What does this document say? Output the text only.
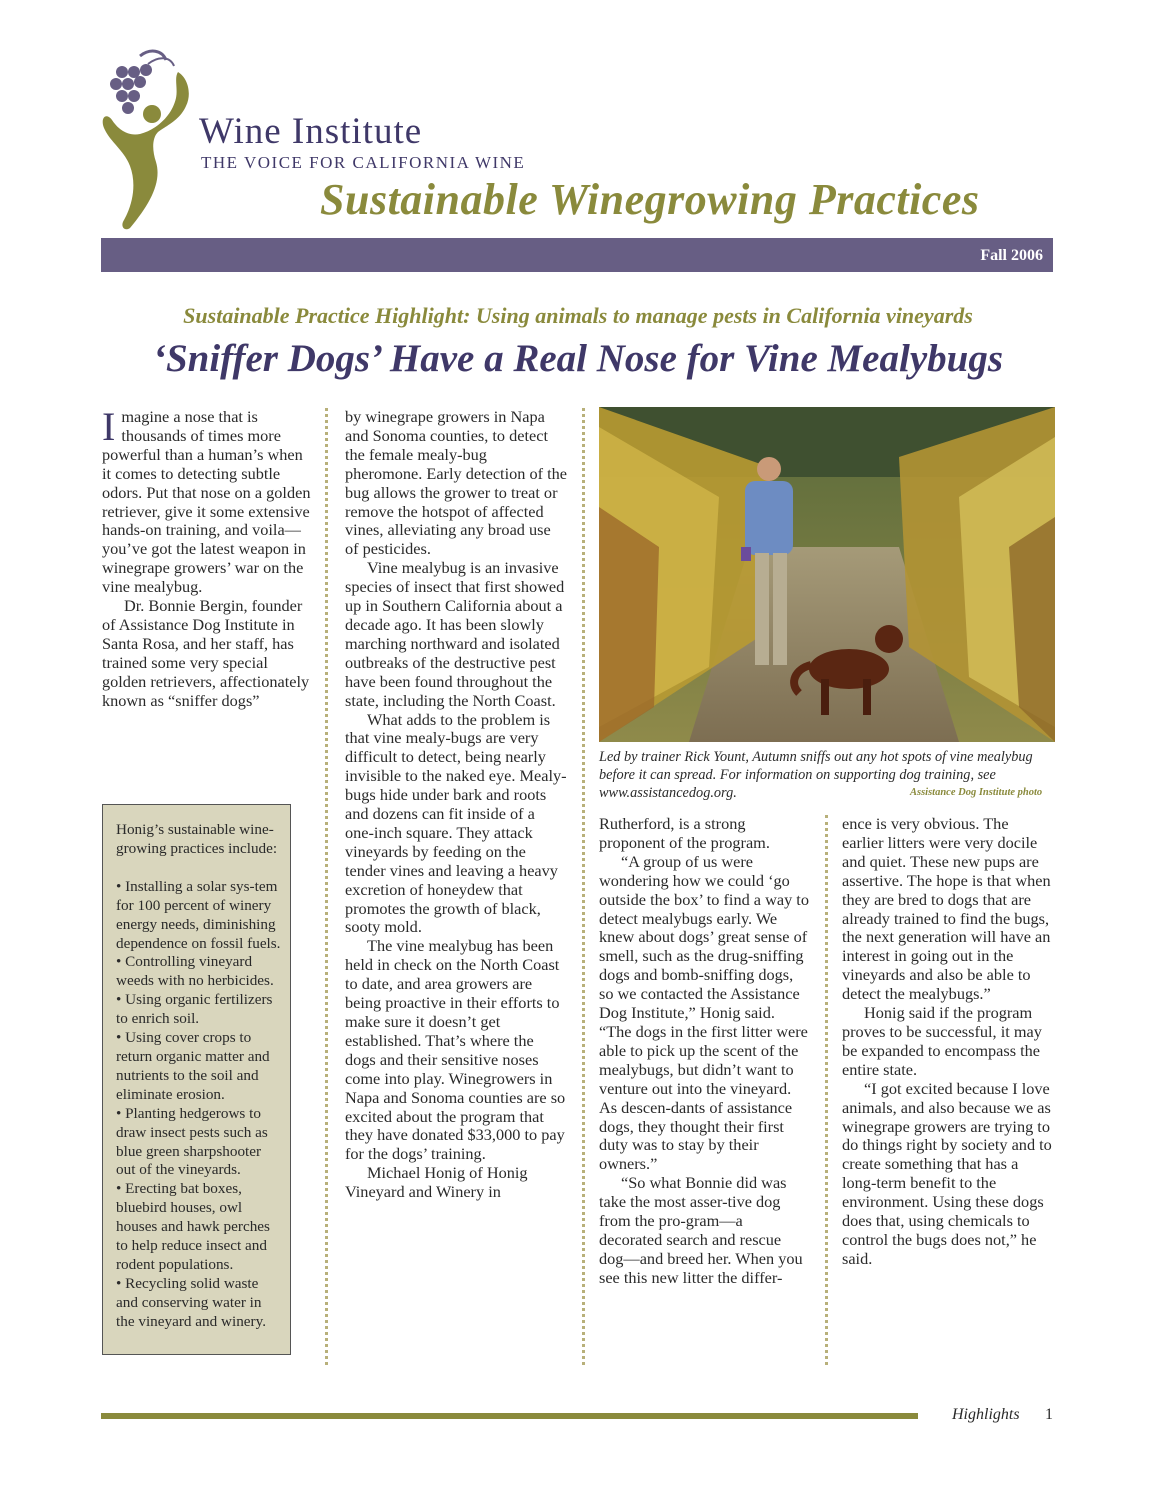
Wine Institute
THE VOICE FOR CALIFORNIA WINE
Sustainable Winegrowing Practices
Fall 2006
Sustainable Practice Highlight: Using animals to manage pests in California vineyards
‘Sniffer Dogs’ Have a Real Nose for Vine Mealybugs

Imagine a nose that is thousands of times more powerful than a human’s when it comes to detecting subtle odors. Put that nose on a golden retriever, give it some extensive hands-on training, and voila—you’ve got the latest weapon in winegrape growers’ war on the vine mealybug.

Dr. Bonnie Bergin, founder of Assistance Dog Institute in Santa Rosa, and her staff, has trained some very special golden retrievers, affectionately known as “sniffer dogs”

Honig’s sustainable wine-growing practices include:
• Installing a solar sys-tem for 100 percent of winery energy needs, diminishing dependence on fossil fuels.
• Controlling vineyard weeds with no herbicides.
• Using organic fertilizers to enrich soil.
• Using cover crops to return organic matter and nutrients to the soil and eliminate erosion.
• Planting hedgerows to draw insect pests such as blue green sharpshooter out of the vineyards.
• Erecting bat boxes, bluebird houses, owl houses and hawk perches to help reduce insect and rodent populations.
• Recycling solid waste and conserving water in the vineyard and winery.

by winegrape growers in Napa and Sonoma counties, to detect the female mealy-bug pheromone. Early detection of the bug allows the grower to treat or remove the hotspot of affected vines, alleviating any broad use of pesticides.

Vine mealybug is an invasive species of insect that first showed up in Southern California about a decade ago. It has been slowly marching northward and isolated outbreaks of the destructive pest have been found throughout the state, including the North Coast.

What adds to the problem is that vine mealy-bugs are very difficult to detect, being nearly invisible to the naked eye. Mealy-bugs hide under bark and roots and dozens can fit inside of a one-inch square. They attack vineyards by feeding on the tender vines and leaving a heavy excretion of honeydew that promotes the growth of black, sooty mold.

The vine mealybug has been held in check on the North Coast to date, and area growers are being proactive in their efforts to make sure it doesn’t get established. That’s where the dogs and their sensitive noses come into play. Winegrowers in Napa and Sonoma counties are so excited about the program that they have donated $33,000 to pay for the dogs’ training.

Michael Honig of Honig Vineyard and Winery in

Led by trainer Rick Yount, Autumn sniffs out any hot spots of vine mealybug before it can spread. For information on supporting dog training, see www.assistancedog.org.	Assistance Dog Institute photo

Rutherford, is a strong proponent of the program.

“A group of us were wondering how we could ‘go outside the box’ to find a way to detect mealybugs early. We knew about dogs’ great sense of smell, such as the drug-sniffing dogs and bomb-sniffing dogs, so we contacted the Assistance Dog Institute,” Honig said. “The dogs in the first litter were able to pick up the scent of the mealybugs, but didn’t want to venture out into the vineyard. As descen-dants of assistance dogs, they thought their first duty was to stay by their owners.”

“So what Bonnie did was take the most asser-tive dog from the pro-gram—a decorated search and rescue dog—and breed her. When you see this new litter the differ-

ence is very obvious. The earlier litters were very docile and quiet. These new pups are assertive. The hope is that when they are bred to dogs that are already trained to find the bugs, the next generation will have an interest in going out in the vineyards and also be able to detect the mealybugs.”

Honig said if the program proves to be successful, it may be expanded to encompass the entire state.

“I got excited because I love animals, and also because we as winegrape growers are trying to do things right by society and to create something that has a long-term benefit to the environment. Using these dogs does that, using chemicals to control the bugs does not,” he said.

Highlights 1
